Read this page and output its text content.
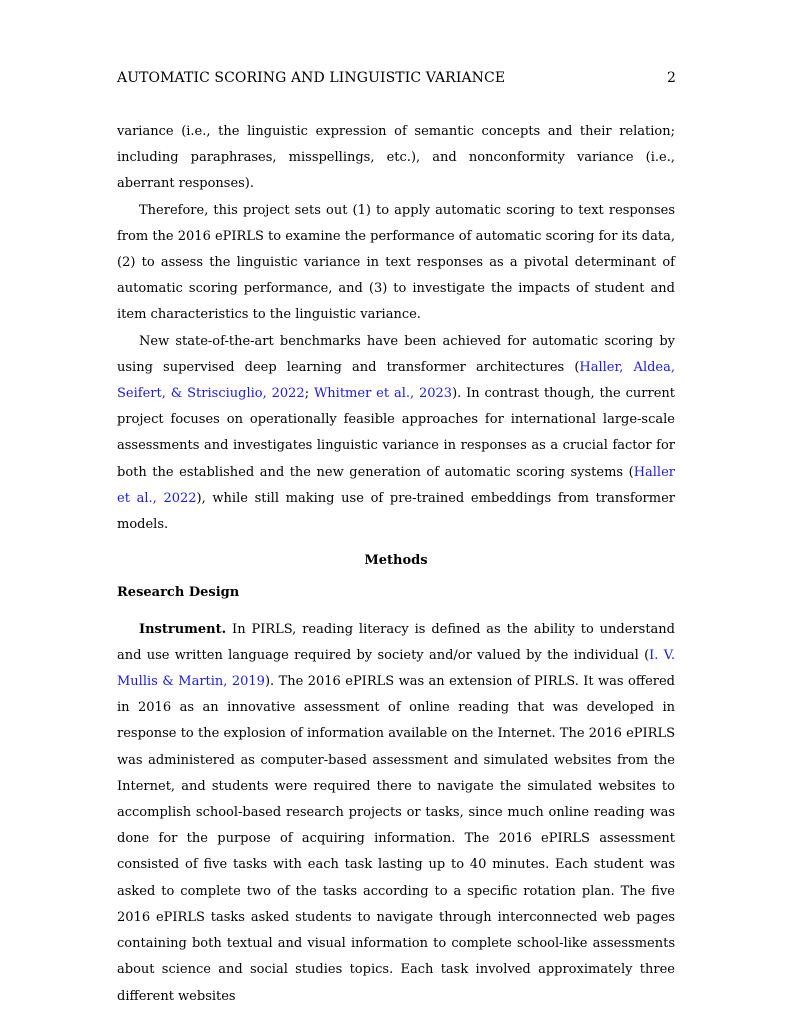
AUTOMATIC SCORING AND LINGUISTIC VARIANCE	2

variance (i.e., the linguistic expression of semantic concepts and their relation; including paraphrases, misspellings, etc.), and nonconformity variance (i.e., aberrant responses).

Therefore, this project sets out (1) to apply automatic scoring to text responses from the 2016 ePIRLS to examine the performance of automatic scoring for its data, (2) to assess the linguistic variance in text responses as a pivotal determinant of automatic scoring performance, and (3) to investigate the impacts of student and item characteristics to the linguistic variance.

New state-of-the-art benchmarks have been achieved for automatic scoring by using supervised deep learning and transformer architectures (Haller, Aldea, Seifert, & Strisciuglio, 2022; Whitmer et al., 2023). In contrast though, the current project focuses on operationally feasible approaches for international large-scale assessments and investigates linguistic variance in responses as a crucial factor for both the established and the new generation of automatic scoring systems (Haller et al., 2022), while still making use of pre-trained embeddings from transformer models.

Methods

Research Design

Instrument. In PIRLS, reading literacy is defined as the ability to understand and use written language required by society and/or valued by the individual (I. V. Mullis & Martin, 2019). The 2016 ePIRLS was an extension of PIRLS. It was offered in 2016 as an innovative assessment of online reading that was developed in response to the explosion of information available on the Internet. The 2016 ePIRLS was administered as computer-based assessment and simulated websites from the Internet, and students were required there to navigate the simulated websites to accomplish school-based research projects or tasks, since much online reading was done for the purpose of acquiring information. The 2016 ePIRLS assessment consisted of five tasks with each task lasting up to 40 minutes. Each student was asked to complete two of the tasks according to a specific rotation plan. The five 2016 ePIRLS tasks asked students to navigate through interconnected web pages containing both textual and visual information to complete school-like assessments about science and social studies topics. Each task involved approximately three different websites
